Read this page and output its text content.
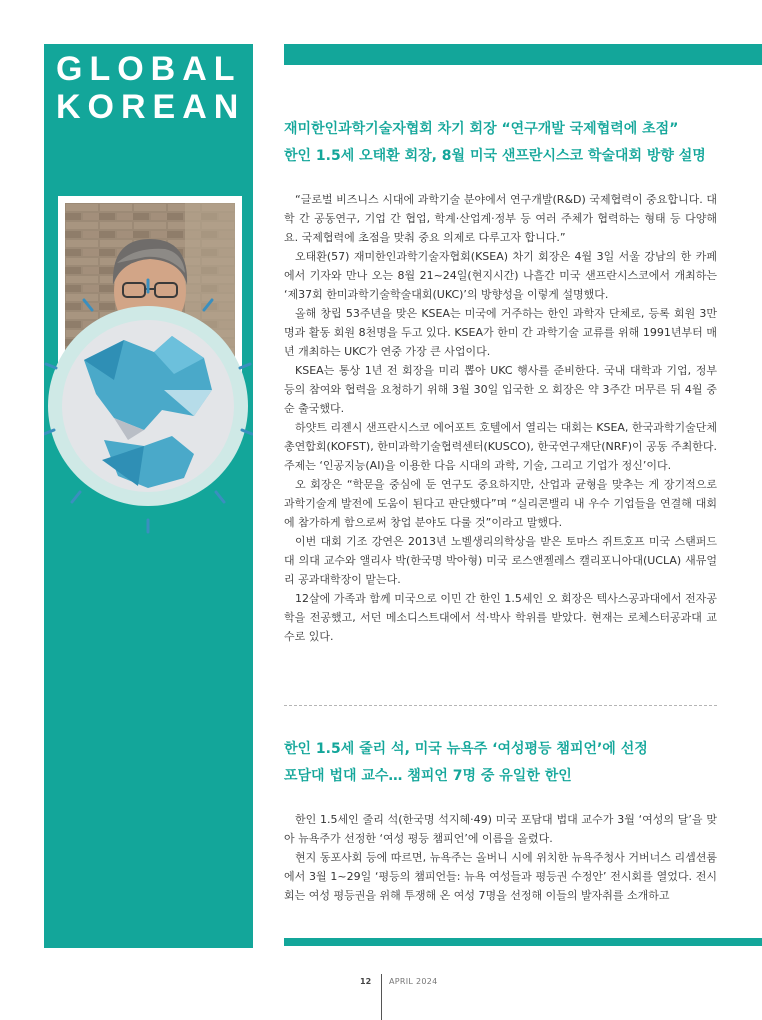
GLOBAL
KOREAN
재미한인과학기술자협회 차기 회장 “연구개발 국제협력에 초점”
한인 1.5세 오태환 회장, 8월 미국 샌프란시스코 학술대회 방향 설명

“글로벌 비즈니스 시대에 과학기술 분야에서 연구개발(R&D) 국제협력이 중요합니다. 대학 간 공동연구, 기업 간 협업, 학계·산업계·정부 등 여러 주체가 협력하는 형태 등 다양해요. 국제협력에 초점을 맞춰 중요 의제로 다루고자 합니다.”

오태환(57) 재미한인과학기술자협회(KSEA) 차기 회장은 4월 3일 서울 강남의 한 카페에서 기자와 만나 오는 8월 21~24일(현지시간) 나흘간 미국 샌프란시스코에서 개최하는 ‘제37회 한미과학기술학술대회(UKC)’의 방향성을 이렇게 설명했다.

올해 창립 53주년을 맞은 KSEA는 미국에 거주하는 한인 과학자 단체로, 등록 회원 3만명과 활동 회원 8천명을 두고 있다. KSEA가 한미 간 과학기술 교류를 위해 1991년부터 매년 개최하는 UKC가 연중 가장 큰 사업이다.

KSEA는 통상 1년 전 회장을 미리 뽑아 UKC 행사를 준비한다. 국내 대학과 기업, 정부 등의 참여와 협력을 요청하기 위해 3월 30일 입국한 오 회장은 약 3주간 머무른 뒤 4월 중순 출국했다.

하얏트 리젠시 샌프란시스코 에어포트 호텔에서 열리는 대회는 KSEA, 한국과학기술단체총연합회(KOFST), 한미과학기술협력센터(KUSCO), 한국연구재단(NRF)이 공동 주최한다. 주제는 ‘인공지능(AI)을 이용한 다음 시대의 과학, 기술, 그리고 기업가 정신’이다.

오 회장은 “학문을 중심에 둔 연구도 중요하지만, 산업과 균형을 맞추는 게 장기적으로 과학기술계 발전에 도움이 된다고 판단했다”며 “실리콘밸리 내 우수 기업들을 연결해 대회에 참가하게 함으로써 창업 분야도 다룰 것”이라고 말했다.

이번 대회 기조 강연은 2013년 노벨생리의학상을 받은 토마스 쥐트호프 미국 스탠퍼드대 의대 교수와 앨리사 박(한국명 박아형) 미국 로스앤젤레스 캘리포니아대(UCLA) 새뮤얼리 공과대학장이 맡는다.

12살에 가족과 함께 미국으로 이민 간 한인 1.5세인 오 회장은 텍사스공과대에서 전자공학을 전공했고, 서던 메소디스트대에서 석·박사 학위를 받았다. 현재는 로체스터공과대 교수로 있다.

한인 1.5세 줄리 석, 미국 뉴욕주 ‘여성평등 챔피언’에 선정
포담대 법대 교수… 챔피언 7명 중 유일한 한인

한인 1.5세인 줄리 석(한국명 석지혜·49) 미국 포담대 법대 교수가 3월 ‘여성의 달’을 맞아 뉴욕주가 선정한 ‘여성 평등 챔피언’에 이름을 올렸다.

현지 동포사회 등에 따르면, 뉴욕주는 올버니 시에 위치한 뉴욕주청사 거버너스 리셉션룸에서 3월 1~29일 ‘평등의 챔피언들: 뉴욕 여성들과 평등권 수정안’ 전시회를 열었다. 전시회는 여성 평등권을 위해 투쟁해 온 여성 7명을 선정해 이들의 발자취를 소개하고

12 APRIL 2024
